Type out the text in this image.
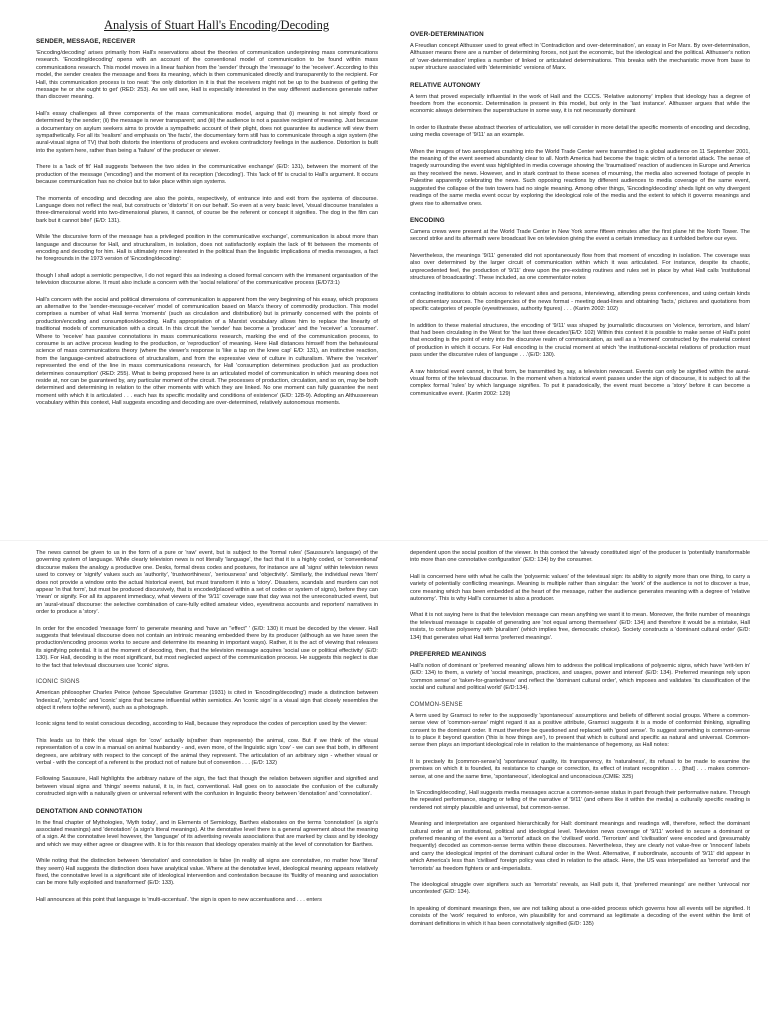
Analysis of Stuart Hall's Encoding/Decoding
SENDER, MESSAGE, RECEIVER

'Encoding/decoding' arises primarily from Hall's reservations about the theories of communication underpinning mass communications research. 'Encoding/decoding' opens with an account of the conventional model of communication to be found within mass communications research. This model moves in a linear fashion from the 'sender' through the 'message' to the 'receiver'. According to this model, the sender creates the message and fixes its meaning, which is then communicated directly and transparently to the recipient. For Hall, this communication process is too neat: 'the only distortion in it is that the receivers might not be up to the business of getting the message he or she ought to get' (RED: 253). As we will see, Hall is especially interested in the way different audiences generate rather than discover meaning.

Hall's essay challenges all three components of the mass communications model, arguing that (i) meaning is not simply fixed or determined by the sender; (ii) the message is never transparent; and (iii) the audience is not a passive recipient of meaning. Just because a documentary on asylum seekers aims to provide a sympathetic account of their plight, does not guarantee its audience will view them sympathetically. For all its 'realism' and emphasis on 'the facts', the documentary form still has to communicate through a sign system (the aural-visual signs of TV) that both distorts the intentions of producers and evokes contradictory feelings in the audience. Distortion is built into the system here, rather than being a 'failure' of the producer or viewer.

There is a 'lack of fit' Hall suggests 'between the two sides in the communicative exchange' (E/D: 131), between the moment of the production of the message ('encoding') and the moment of its reception ('decoding'). This 'lack of fit' is crucial to Hall's argument. It occurs because communication has no choice but to take place within sign systems.

The moments of encoding and decoding are also the points, respectively, of entrance into and exit from the systems of discourse. Language does not reflect the real, but constructs or 'distorts' it on our behalf. So even at a very basic level, 'visual discourse translates a three-dimensional world into two-dimensional planes, it cannot, of course be the referent or concept it signifies. The dog in the film can bark but it cannot bite!' (E/D: 131).

While 'the discursive form of the message has a privileged position in the communicative exchange', communication is about more than language and discourse for Hall, and structuralism, in isolation, does not satisfactorily explain the lack of fit between the moments of encoding and decoding for him. Hall is ultimately more interested in the political than the linguistic implications of media messages, a fact he foregrounds in the 1973 version of 'Encoding/decoding':

though I shall adopt a semiotic perspective, I do not regard this as indexing a closed formal concern with the immanent organisation of the television discourse alone. It must also include a concern with the 'social relations' of the communicative process (E/D73:1)

Hall's concern with the social and political dimensions of communication is apparent from the very beginning of his essay, which proposes an alternative to the 'sender-message-receiver' model of communication based on Marx's theory of commodity production. This model comprises a number of what Hall terms 'moments' (such as circulation and distribution) but is primarily concerned with the points of production/encoding and consumption/decoding. Hall's appropriation of a Marxist vocabulary allows him to replace the linearity of traditional models of communication with a circuit. In this circuit the 'sender' has become a 'producer' and the 'receiver' a 'consumer'. Where to 'receive' has passive connotations in mass communications research, marking the end of the communication process, to consume is an active process leading to the production, or 'reproduction' of meaning. Here Hall distances himself from the behavioural science of mass communications theory (where the viewer's response is 'like a tap on the knee cap' E/D: 131), an instinctive reaction, from the language-centred abstractions of structuralism, and from the expressive view of culture in culturalism. Where the 'receiver' represented the end of the line in mass communications research, for Hall 'consumption determines production just as production determines consumption' (RED: 255). What is being proposed here is an articulated model of communication in which meaning does not reside at, nor can be guaranteed by, any particular moment of the circuit. The processes of production, circulation, and so on, may be both determined and determining in relation to the other moments with which they are linked. No one moment can fully guarantee the next moment with which it is articulated . . . each has its specific modality and conditions of existence' (E/D: 128-9). Adopting an Althusserean vocabulary within this context, Hall suggests encoding and decoding are over-determined, relatively autonomous moments.

OVER-DETERMINATION

A Freudian concept Althusser used to great effect in 'Contradiction and over-determination', an essay in For Marx. By over-determination, Althusser means there are a number of determining forces, not just the economic, but the ideological and the political. Althusser's notion of 'over-determination' implies a number of linked or articulated determinations. This breaks with the mechanistic move from base to super structure associated with 'deterministic' versions of Marx.

RELATIVE AUTONOMY

A term that proved especially influential in the work of Hall and the CCCS. 'Relative autonomy' implies that ideology has a degree of freedom from the economic. Determination is present in this model, but only in the 'last instance'. Althusser argues that while the economic always determines the superstructure in some way, it is not necessarily dominant

In order to illustrate these abstract theories of articulation, we will consider in more detail the specific moments of encoding and decoding, using media coverage of '9/11' as an example.

When the images of two aeroplanes crashing into the World Trade Center were transmitted to a global audience on 11 September 2001, the meaning of the event seemed abundantly clear to all. North America had become the tragic victim of a terrorist attack. The sense of tragedy surrounding the event was highlighted in media coverage showing the 'traumatised' reaction of audiences in Europe and America as they received the news. However, and in stark contrast to these scenes of mourning, the media also screened footage of people in Palestine apparently celebrating the news. Such opposing reactions by different audiences to media coverage of the same event, suggested the collapse of the twin towers had no single meaning. Among other things, 'Encoding/decoding' sheds light on why divergent readings of the same media event occur by exploring the ideological role of the media and the extent to which it governs meanings and gives rise to alternative ones.

ENCODING

Camera crews were present at the World Trade Center in New York some fifteen minutes after the first plane hit the North Tower. The second strike and its aftermath were broadcast live on television giving the event a certain immediacy as it unfolded before our eyes.

Nevertheless, the meanings '9/11' generated did not spontaneously flow from that moment of encoding in isolation. The coverage was also over determined by the larger circuit of communication within which it was articulated. For instance, despite its chaotic, unprecedented feel, the production of '9/11' drew upon the pre-existing routines and rules set in place by what Hall calls 'institutional structures of broadcasting'. These included, as one commentator notes

contacting institutions to obtain access to relevant sites and persons, interviewing, attending press conferences, and using certain kinds of documentary sources. The contingencies of the news format - meeting dead-lines and obtaining 'facts,' pictures and quotations from specific categories of people (eyewitnesses, authority figures) . . . (Karim 2002: 102)

In addition to these material structures, the encoding of '9/11' was shaped by journalistic discourses on 'violence, terrorism, and Islam' that had been circulating in the West for 'the last three decades'(E/D: 102) Within this context it is possible to make sense of Hall's point that encoding is the point of entry into the discursive realm of communication, as well as a 'moment' constructed by the material context of production in which it occurs. For Hall encoding is the crucial moment at which 'the institutional-societal relations of production must pass under the discursive rules of language . . .'(E/D: 130).

A raw historical event cannot, in that form, be transmitted by, say, a television newscast. Events can only be signified within the aural-visual forms of the televisual discourse. In the moment when a historical event passes under the sign of discourse, it is subject to all the complex formal 'rules' by which language signifies. To put it paradoxically, the event must become a 'story' before it can become a communicative event. (Karim 2002: 129)

The news cannot be given to us in the form of a pure or 'raw' event, but is subject to the 'formal rules' (Saussure's language) of the governing system of language. While clearly television news is not literally 'language', the fact that it is a highly coded, or 'conventional' discourse makes the analogy a productive one. Desks, formal dress codes and postures, for instance are all 'signs' within television news used to convey or 'signify' values such as 'authority', 'trustworthiness', 'seriousness' and 'objectivity'. Similarly, the individual news 'item' does not provide a window onto the actual historical event, but must transform it into a 'story'. Disasters, scandals and murders can not appear 'in that form', but must be produced discursively, that is encoded(placed within a set of codes or system of signs), before they can 'mean' or signify. For all its apparent immediacy, what viewers of the '9/11' coverage saw that day was not the unreconstructed event, but an 'aural-visual' discourse: the selective combination of care-fully edited amateur video, eyewitness accounts and reporters' narratives in order to produce a 'story'.

In order for the encoded 'message form' to generate meaning and 'have an "effect" ' (E/D: 130) it must be decoded by the viewer. Hall suggests that televisual discourse does not contain an intrinsic meaning embedded there by its producer (although as we have seen the production/encoding process works to secure and determine its meaning in important ways). Rather, it is the act of viewing that releases its signifying potential. It is at the moment of decoding, then, that the television message acquires 'social use or political effectivity' (E/D: 130). For Hall, decoding is the most significant, but most neglected aspect of the communication process. He suggests this neglect is due to the fact that televisual discourses use 'iconic' signs.

ICONIC SIGNS

American philosopher Charles Peirce (whose Speculative Grammar (1931) is cited in 'Encoding/decoding') made a distinction between 'indexical', 'symbolic' and 'iconic' signs that became influential within semiotics. An 'iconic sign' is a visual sign that closely resembles the object it refers to(the referent), such as a photograph.

Iconic signs tend to resist conscious decoding, according to Hall, because they reproduce the codes of perception used by the viewer:

This leads us to think the visual sign for 'cow' actually is(rather than represents) the animal, cow. But if we think of the visual representation of a cow in a manual on animal husbandry - and, even more, of the linguistic sign 'cow' - we can see that both, in different degrees, are arbitrary with respect to the concept of the animal they represent. The articulation of an arbitrary sign - whether visual or verbal - with the concept of a referent is the product not of nature but of convention . . . (E/D: 132)

Following Saussure, Hall highlights the arbitrary nature of the sign, the fact that though the relation between signifier and signified and between visual signs and 'things' seems natural, it is, in fact, conventional. Hall goes on to associate the confusion of the culturally constructed sign with a naturally given or universal referent with the confusion in linguistic theory between 'denotation' and 'connotation'.

DENOTATION AND CONNOTATION

In the final chapter of Mythologies, 'Myth today', and in Elements of Semiology, Barthes elaborates on the terms 'connotation' (a sign's associated meanings) and 'denotation' (a sign's literal meanings). At the denotative level there is a general agreement about the meaning of a sign. At the connotative level however, the 'language' of its advertising reveals associations that are marked by class and by ideology and which we may either agree or disagree with. It is for this reason that ideology operates mainly at the level of connotation for Barthes.

While noting that the distinction between 'denotation' and connotation is false (in reality all signs are connotative, no matter how 'literal' they seem) Hall suggests the distinction does have analytical value. Where at the denotative level, ideological meaning appears relatively fixed, the connotative level is a significant site of ideological intervention and contestation because its 'fluidity of meaning and association can be more fully exploited and transformed' (E/D: 133).

Hall announces at this point that language is 'multi-accentual'. 'the sign is open to new accentuations and . . . enters

dependent upon the social position of the viewer. In this context the 'already constituted sign' of the producer is 'potentially transformable into more than one connotative configuration' (E/D: 134) by the consumer.

Hall is concerned here with what he calls the 'polysemic values' of the televisual sign: its ability to signify more than one thing, to carry a variety of potentially conflicting meanings. Meaning is multiple rather than singular: the 'work' of the audience is not to discover a true, core meaning which has been embedded at the heart of the message, rather the audience generates meaning with a degree of 'relative autonomy'. This is why Hall's consumer is also a producer.

What it is not saying here is that the television message can mean anything we want it to mean. Moreover, the finite number of meanings the televisual message is capable of generating are 'not equal among themselves' (E/D: 134) and therefore it would be a mistake, Hall insists, to confuse polysemy with 'pluralism' (which implies free, democratic choice). Society constructs a 'dominant cultural order' (E/D: 134) that generates what Hall terms 'preferred meanings'.

PREFERRED MEANINGS

Hall's notion of dominant or 'preferred meaning' allows him to address the political implications of polysemic signs, which have 'writ-ten in' (E/D: 134) to them, a variety of 'social meanings, practices, and usages, power and interest' (E/D: 134). Preferred meanings rely upon 'common sense' or 'taken-for-grantedness' and reflect the 'dominant cultural order', which imposes and validates 'its classification of the social and cultural and political world' (E/D:134).

COMMON-SENSE

A term used by Gramsci to refer to the supposedly 'spontaneous' assumptions and beliefs of different social groups. Where a common-sense view of 'common-sense' might regard it as a positive attribute, Gramsci suggests it is a mode of conformist thinking, signalling consent to the dominant order. It must therefore be questioned and replaced with 'good sense'. To suggest something is common-sense is to place it beyond question ('this is how things are'), to present that which is cultural and specific as natural and universal. Common-sense then plays an important ideological role in relation to the maintenance of hegemony, as Hall notes:

It is precisely its [common-sense's] 'spontaneous' quality, its transparency, its 'naturalness', its refusal to be made to examine the premises on which it is founded, its resistance to change or correction, its effect of instant recognition . . . [that] . . . makes common-sense, at one and the same time, 'spontaneous', ideological and unconscious.(CMIE: 325)

In 'Encoding/decoding', Hall suggests media messages accrue a common-sense status in part through their performative nature. Through the repeated performance, staging or telling of the narrative of '9/11' (and others like it within the media) a culturally specific reading is rendered not simply plausible and universal, but common-sense.

Meaning and interpretation are organised hierarchically for Hall: dominant meanings and readings will, therefore, reflect the dominant cultural order at an institutional, political and ideological level. Television news coverage of '9/11' worked to secure a dominant or preferred meaning of the event as a 'terrorist' attack on the 'civilised' world. 'Terrorism' and 'civilisation' were encoded and (presumably frequently) decoded as common-sense terms within these discourses. Nevertheless, they are clearly not value-free or 'innocent' labels and carry the ideological imprint of the dominant cultural order in the West. Alternative, if subordinate, accounts of '9/11' did appear in which America's less than 'civilised' foreign policy was cited in relation to the attack. Here, the US was interpellated as 'terrorist' and the 'terrorists' as freedom fighters or anti-imperialists.

The ideological struggle over signifiers such as 'terrorists' reveals, as Hall puts it, that 'preferred meanings' are neither 'univocal nor uncontested' (E/D: 134).

In speaking of dominant meanings then, we are not talking about a one-sided process which governs how all events will be signified. It consists of the 'work' required to enforce, win plausibility for and command as legitimate a decoding of the event within the limit of dominant definitions in which it has been connotatively signified (E/D: 135)
